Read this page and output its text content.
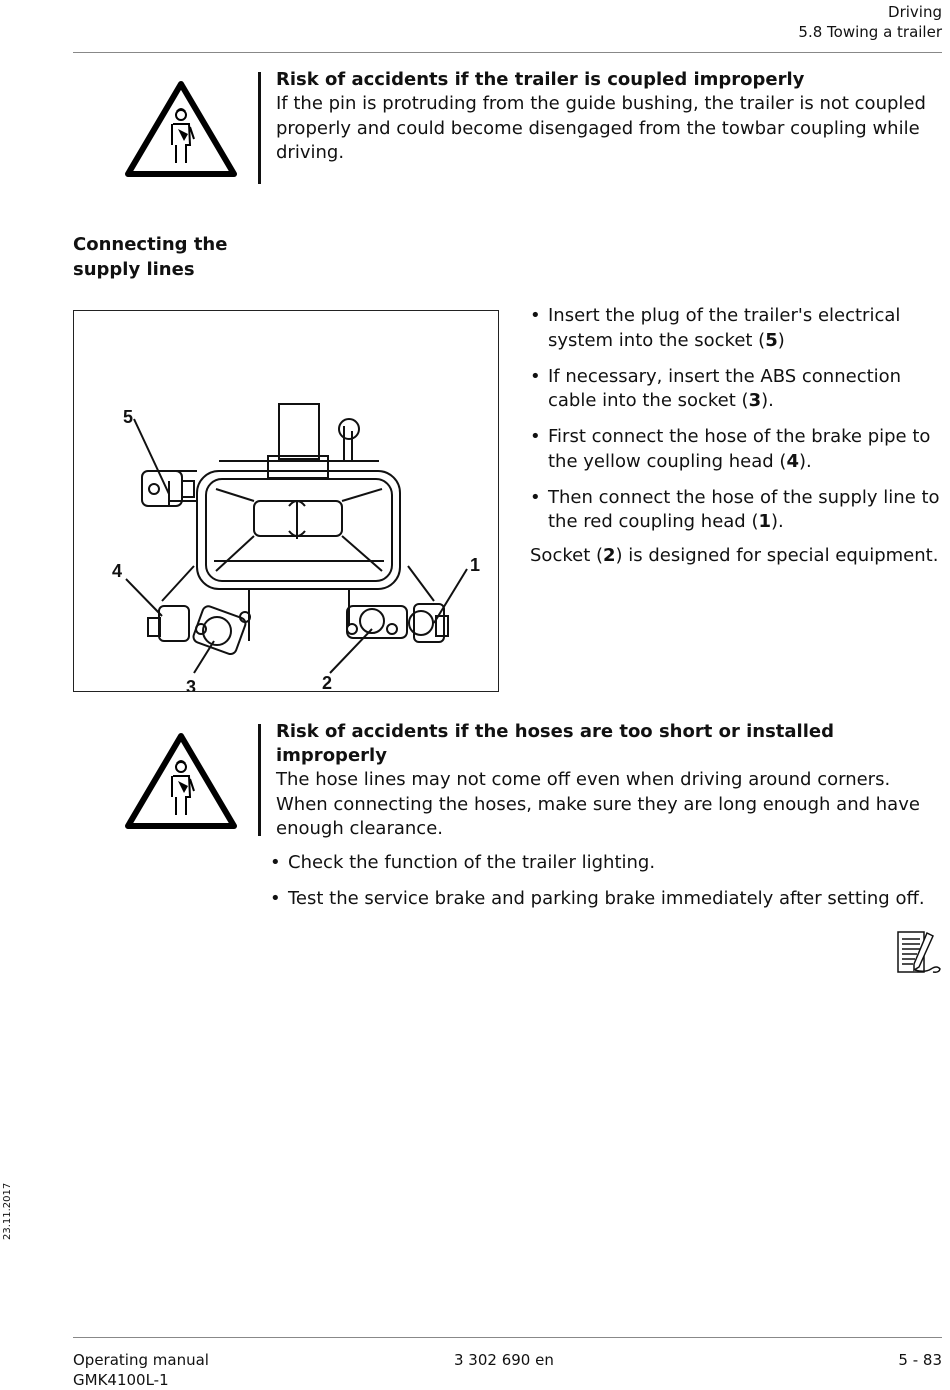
Driving
5.8 Towing a trailer
Risk of accidents if the trailer is coupled improperly
If the pin is protruding from the guide bushing, the trailer is not coupled properly and could become disengaged from the towbar coupling while driving.
Connecting the supply lines
5
4	1
3	2
• Insert the plug of the trailer's electrical system into the socket (5)
• If necessary, insert the ABS connection cable into the socket (3).
• First connect the hose of the brake pipe to the yellow coupling head (4).
• Then connect the hose of the supply line to the red coupling head (1).
Socket (2) is designed for special equipment.
Risk of accidents if the hoses are too short or installed improperly
The hose lines may not come off even when driving around corners. When connecting the hoses, make sure they are long enough and have enough clearance.
• Check the function of the trailer lighting.
• Test the service brake and parking brake immediately after setting off.
23.11.2017
Operating manual
GMK4100L-1
3 302 690 en	5 - 83
